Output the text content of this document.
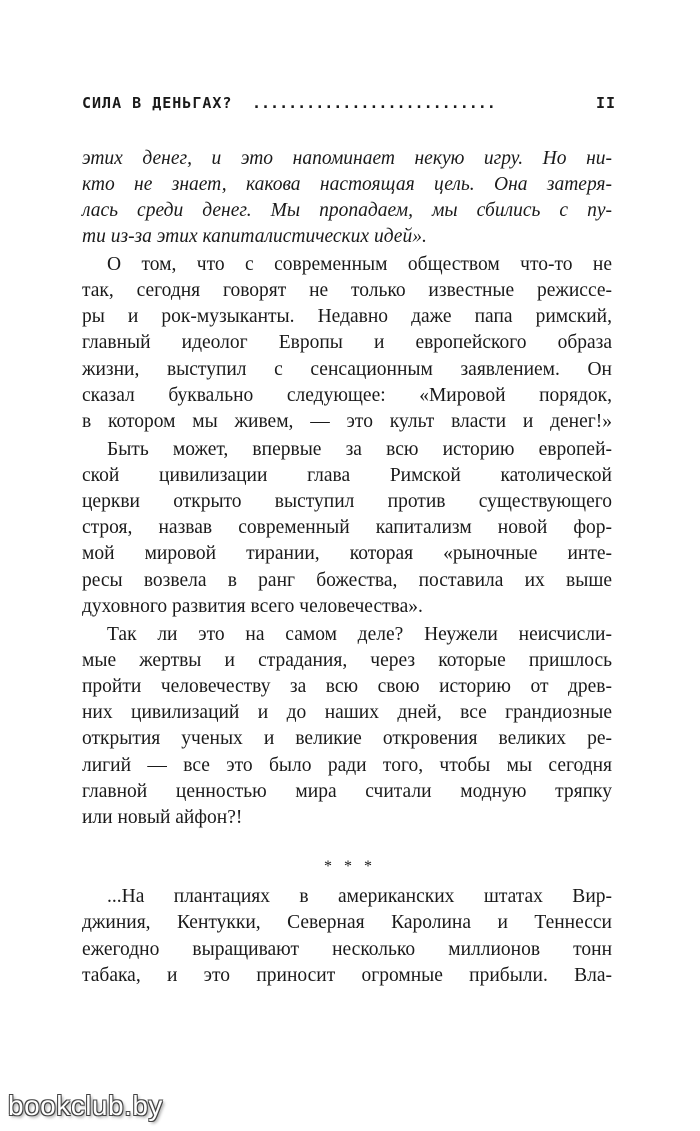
СИЛА В ДЕНЬГАХ? ...........................	II
этих денег, и это напоминает некую игру. Но ни-
кто не знает, какова настоящая цель. Она затеря-
лась среди денег. Мы пропадаем, мы сбились с пу-
ти из-за этих капиталистических идей».
О том, что с современным обществом что-то не
так, сегодня говорят не только известные режиссе-
ры и рок-музыканты. Недавно даже папа римский,
главный идеолог Европы и европейского образа
жизни, выступил с сенсационным заявлением. Он
сказал буквально следующее: «Мировой порядок,
в котором мы живем, — это культ власти и денег!»
Быть может, впервые за всю историю европей-
ской цивилизации глава Римской католической
церкви открыто выступил против существующего
строя, назвав современный капитализм новой фор-
мой мировой тирании, которая «рыночные инте-
ресы возвела в ранг божества, поставила их выше
духовного развития всего человечества».
Так ли это на самом деле? Неужели неисчисли-
мые жертвы и страдания, через которые пришлось
пройти человечеству за всю свою историю от древ-
них цивилизаций и до наших дней, все грандиозные
открытия ученых и великие откровения великих ре-
лигий — все это было ради того, чтобы мы сегодня
главной ценностью мира считали модную тряпку
или новый айфон?!
* * *
...На плантациях в американских штатах Вир-
джиния, Кентукки, Северная Каролина и Теннесси
ежегодно выращивают несколько миллионов тонн
табака, и это приносит огромные прибыли. Вла-
bookclub.by
